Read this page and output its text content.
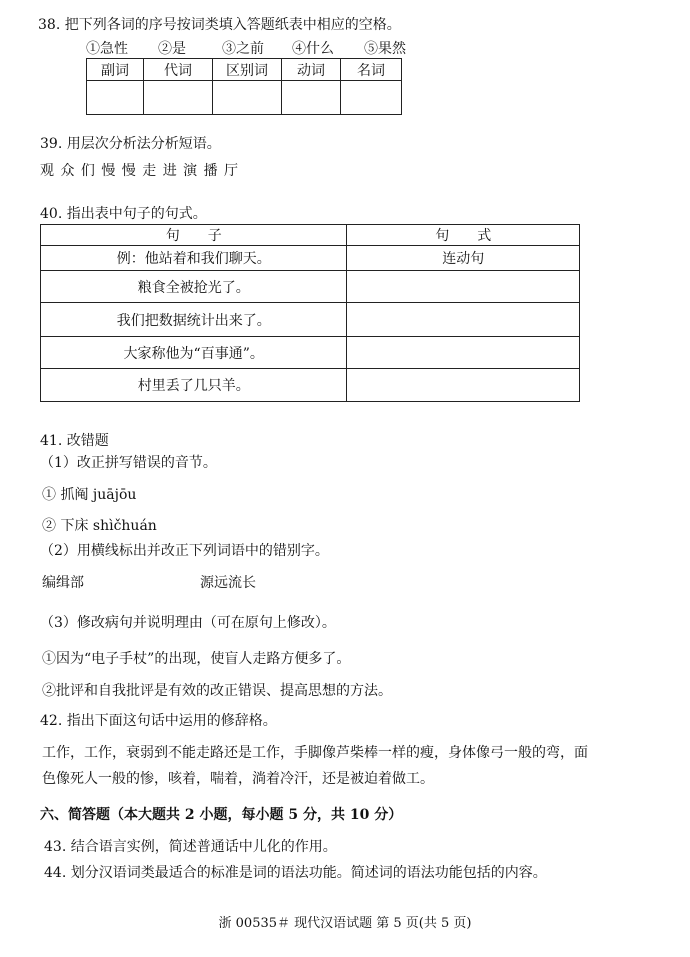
38. 把下列各词的序号按词类填入答题纸表中相应的空格。
①急性 ②是	③之前 ④什么 ⑤果然
副词	代词	区别词	动词	名词

39. 用层次分析法分析短语。
观 众 们 慢 慢 走 进 演 播 厅
40. 指出表中句子的句式。
句　　子	句　　式
例：他站着和我们聊天。	连动句
粮食全被抢光了。	
我们把数据统计出来了。	
大家称他为“百事通”。	
村里丢了几只羊。	
41. 改错题
（1）改正拼写错误的音节。
① 抓阄 juājōu
② 下床 shìčhuán
（2）用横线标出并改正下列词语中的错别字。
编缉部	源远流长
（3）修改病句并说明理由（可在原句上修改）。
①因为“电子手杖”的出现，使盲人走路方便多了。
②批评和自我批评是有效的改正错误、提高思想的方法。
42. 指出下面这句话中运用的修辞格。
工作，工作，衰弱到不能走路还是工作，手脚像芦柴棒一样的瘦，身体像弓一般的弯，面
色像死人一般的惨，咳着，喘着，淌着冷汗，还是被迫着做工。
六、简答题（本大题共 2 小题，每小题 5 分，共 10 分）
43. 结合语言实例，简述普通话中儿化的作用。
44. 划分汉语词类最适合的标准是词的语法功能。简述词的语法功能包括的内容。
浙 00535＃ 现代汉语试题 第 5 页(共 5 页)
